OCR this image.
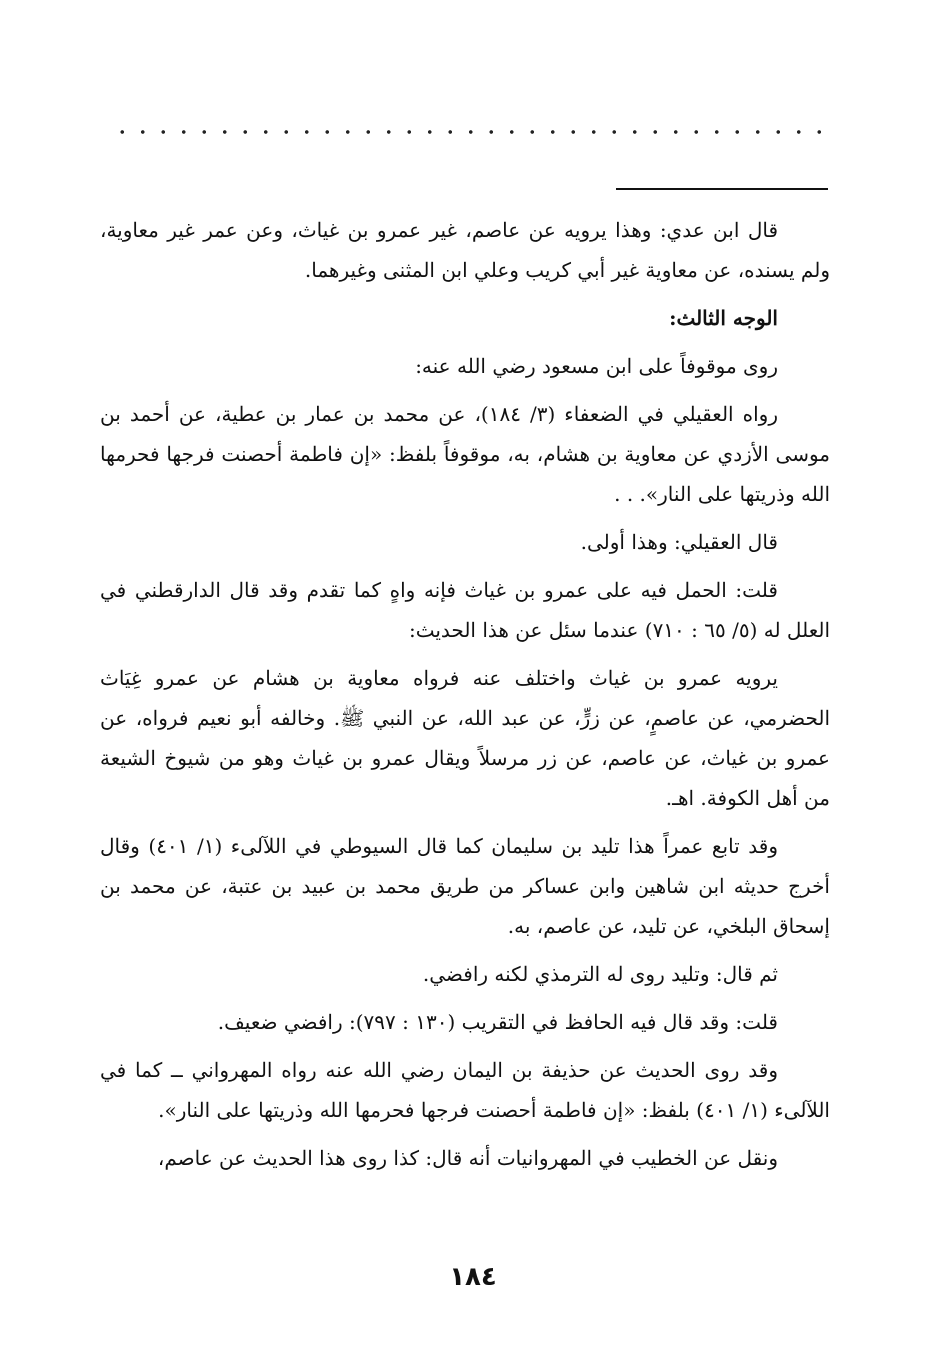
قال ابن عدي: وهذا يرويه عن عاصم، غير عمرو بن غياث، وعن عمر غير معاوية، ولم يسنده، عن معاوية غير أبي كريب وعلي ابن المثنى وغيرهما.

الوجه الثالث:

روى موقوفاً على ابن مسعود رضي الله عنه:

رواه العقيلي في الضعفاء (٣/ ١٨٤)، عن محمد بن عمار بن عطية، عن أحمد بن موسى الأزدي عن معاوية بن هشام، به، موقوفاً بلفظ: «إن فاطمة أحصنت فرجها فحرمها الله وذريتها على النار». . .

قال العقيلي: وهذا أولى.

قلت: الحمل فيه على عمرو بن غياث فإنه واهٍ كما تقدم وقد قال الدارقطني في العلل له (٥/ ٦٥ : ٧١٠) عندما سئل عن هذا الحديث:

يرويه عمرو بن غياث واختلف عنه فرواه معاوية بن هشام عن عمرو غِيَاث الحضرمي، عن عاصمٍ، عن زرٍّ، عن عبد الله، عن النبي ﷺ. وخالفه أبو نعيم فرواه، عن عمرو بن غياث، عن عاصم، عن زر مرسلاً ويقال عمرو بن غياث وهو من شيوخ الشيعة من أهل الكوفة. اهـ.

وقد تابع عمراً هذا تليد بن سليمان كما قال السيوطي في اللآلىء (١/ ٤٠١) وقال أخرج حديثه ابن شاهين وابن عساكر من طريق محمد بن عبيد بن عتبة، عن محمد بن إسحاق البلخي، عن تليد، عن عاصم، به.

ثم قال: وتليد روى له الترمذي لكنه رافضي.

قلت: وقد قال فيه الحافظ في التقريب (١٣٠ : ٧٩٧): رافضي ضعيف.

وقد روى الحديث عن حذيفة بن اليمان رضي الله عنه رواه المهرواني ــ كما في اللآلىء (١/ ٤٠١) بلفظ: «إن فاطمة أحصنت فرجها فحرمها الله وذريتها على النار».

ونقل عن الخطيب في المهروانيات أنه قال: كذا روى هذا الحديث عن عاصم،

١٨٤
